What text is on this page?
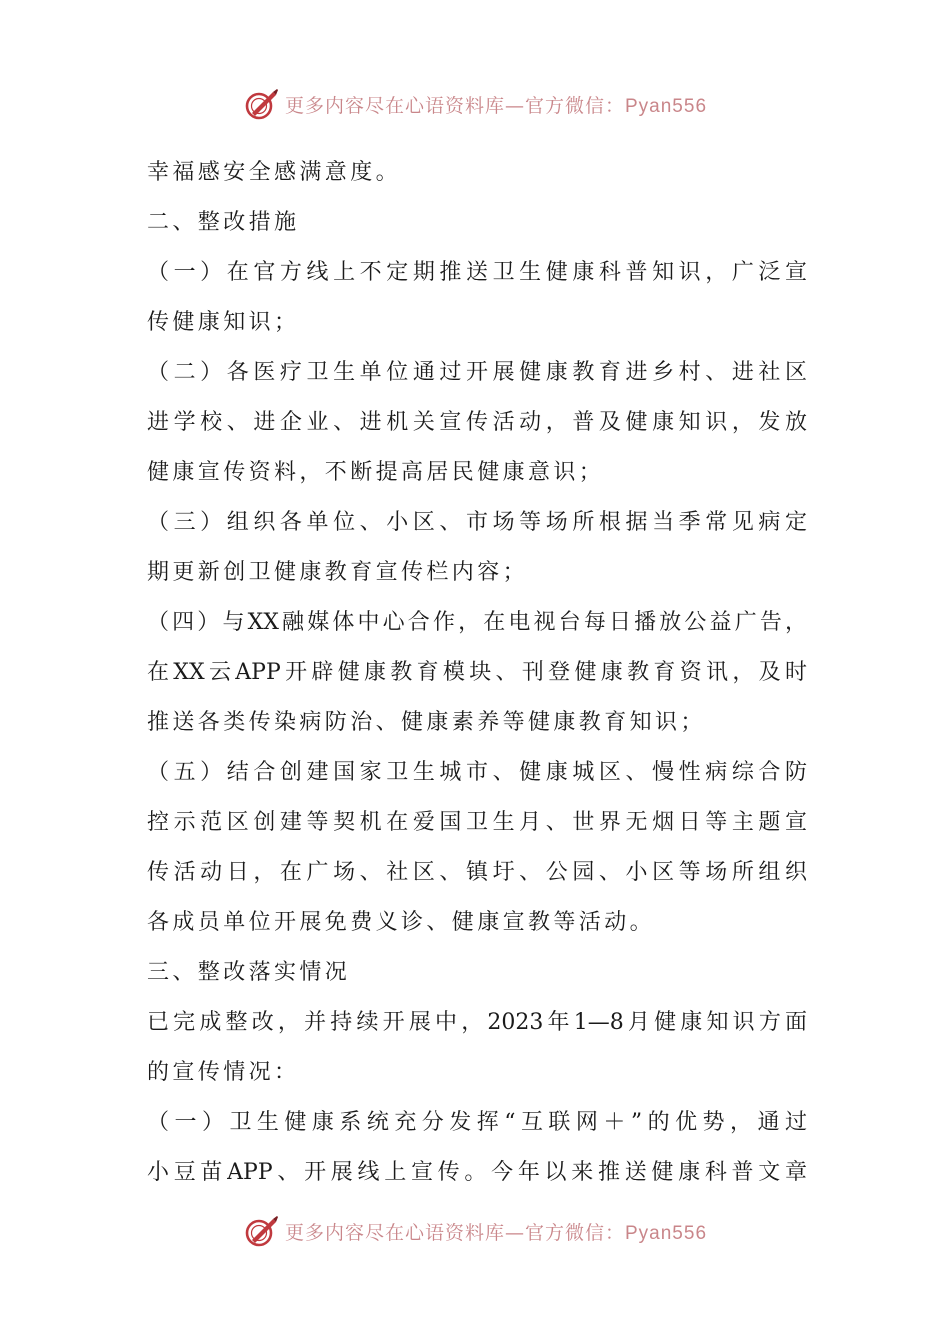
更多内容尽在心语资料库—官方微信：Pyan556
幸福感安全感满意度。
二、整改措施
（一）在官方线上不定期推送卫生健康科普知识，广泛宣
传健康知识；
（二）各医疗卫生单位通过开展健康教育进乡村、进社区
进学校、进企业、进机关宣传活动，普及健康知识，发放
健康宣传资料，不断提高居民健康意识；
（三）组织各单位、小区、市场等场所根据当季常见病定
期更新创卫健康教育宣传栏内容；
（四）与XX融媒体中心合作，在电视台每日播放公益广告，
在XX云APP开辟健康教育模块、刊登健康教育资讯，及时
推送各类传染病防治、健康素养等健康教育知识；
（五）结合创建国家卫生城市、健康城区、慢性病综合防
控示范区创建等契机在爱国卫生月、世界无烟日等主题宣
传活动日，在广场、社区、镇圩、公园、小区等场所组织
各成员单位开展免费义诊、健康宣教等活动。
三、整改落实情况
已完成整改，并持续开展中，2023年1—8月健康知识方面
的宣传情况：
（一）卫生健康系统充分发挥“互联网＋”的优势，通过
小豆苗APP、开展线上宣传。今年以来推送健康科普文章
更多内容尽在心语资料库—官方微信：Pyan556
